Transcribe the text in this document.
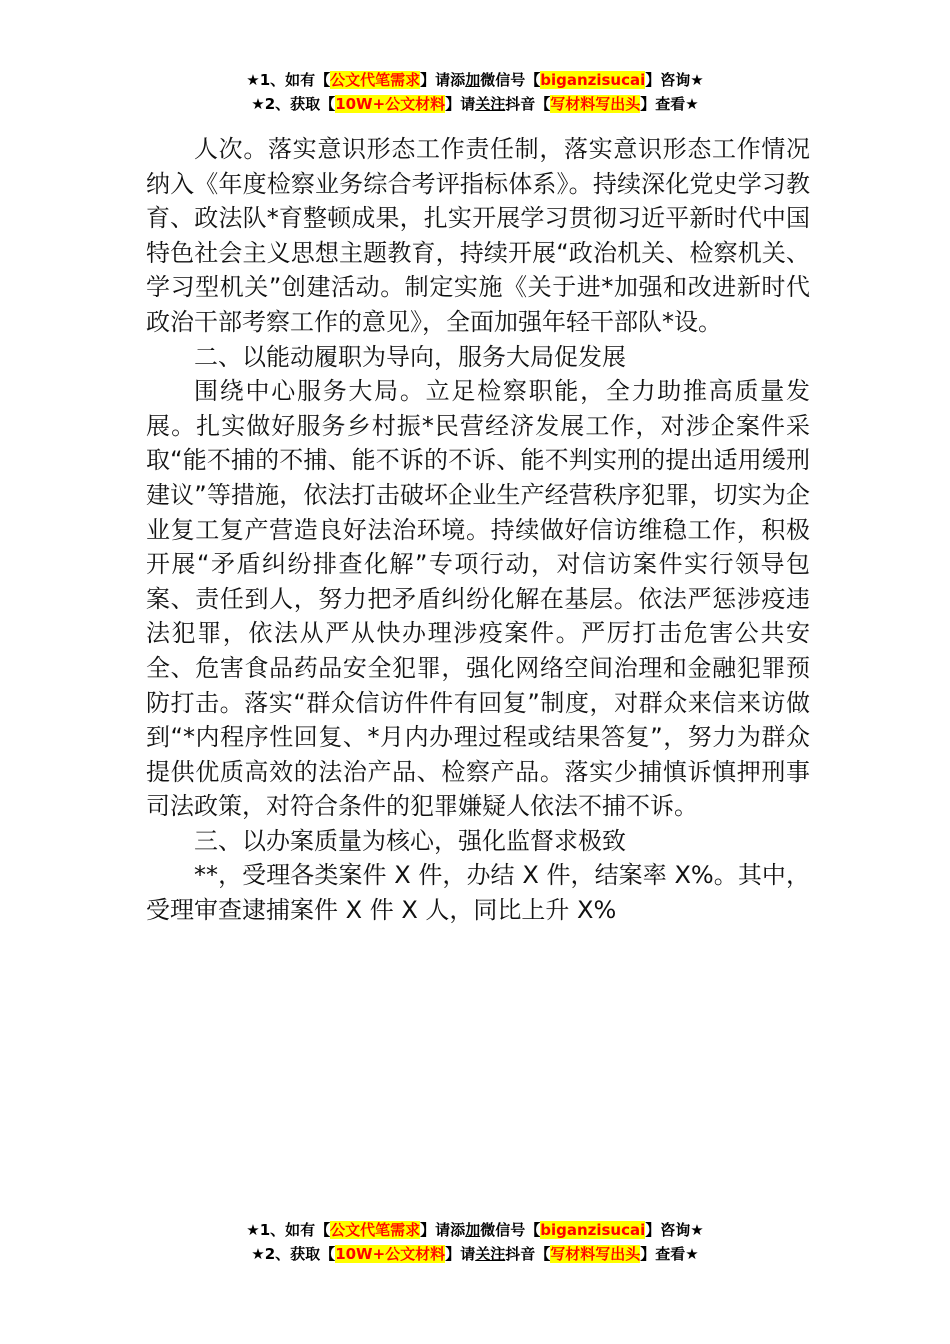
★1、如有【公文代笔需求】请添加微信号【biganzisucai】咨询★
★2、获取【10W+公文材料】请关注抖音【写材料写出头】查看★

人次。落实意识形态工作责任制，落实意识形态工作情况纳入《年度检察业务综合考评指标体系》。持续深化党史学习教育、政法队*育整顿成果，扎实开展学习贯彻习近平新时代中国特色社会主义思想主题教育，持续开展“政治机关、检察机关、学习型机关”创建活动。制定实施《关于进*加强和改进新时代政治干部考察工作的意见》，全面加强年轻干部队*设。

二、以能动履职为导向，服务大局促发展

围绕中心服务大局。立足检察职能，全力助推高质量发展。扎实做好服务乡村振*民营经济发展工作，对涉企案件采取“能不捕的不捕、能不诉的不诉、能不判实刑的提出适用缓刑建议”等措施，依法打击破坏企业生产经营秩序犯罪，切实为企业复工复产营造良好法治环境。持续做好信访维稳工作，积极开展“矛盾纠纷排查化解”专项行动，对信访案件实行领导包案、责任到人，努力把矛盾纠纷化解在基层。依法严惩涉疫违法犯罪，依法从严从快办理涉疫案件。严厉打击危害公共安全、危害食品药品安全犯罪，强化网络空间治理和金融犯罪预防打击。落实“群众信访件件有回复”制度，对群众来信来访做到“*内程序性回复、*月内办理过程或结果答复”，努力为群众提供优质高效的法治产品、检察产品。落实少捕慎诉慎押刑事司法政策，对符合条件的犯罪嫌疑人依法不捕不诉。

三、以办案质量为核心，强化监督求极致

**，受理各类案件 X 件，办结 X 件，结案率 X%。其中，受理审查逮捕案件 X 件 X 人，同比上升 X%

★1、如有【公文代笔需求】请添加微信号【biganzisucai】咨询★
★2、获取【10W+公文材料】请关注抖音【写材料写出头】查看★
